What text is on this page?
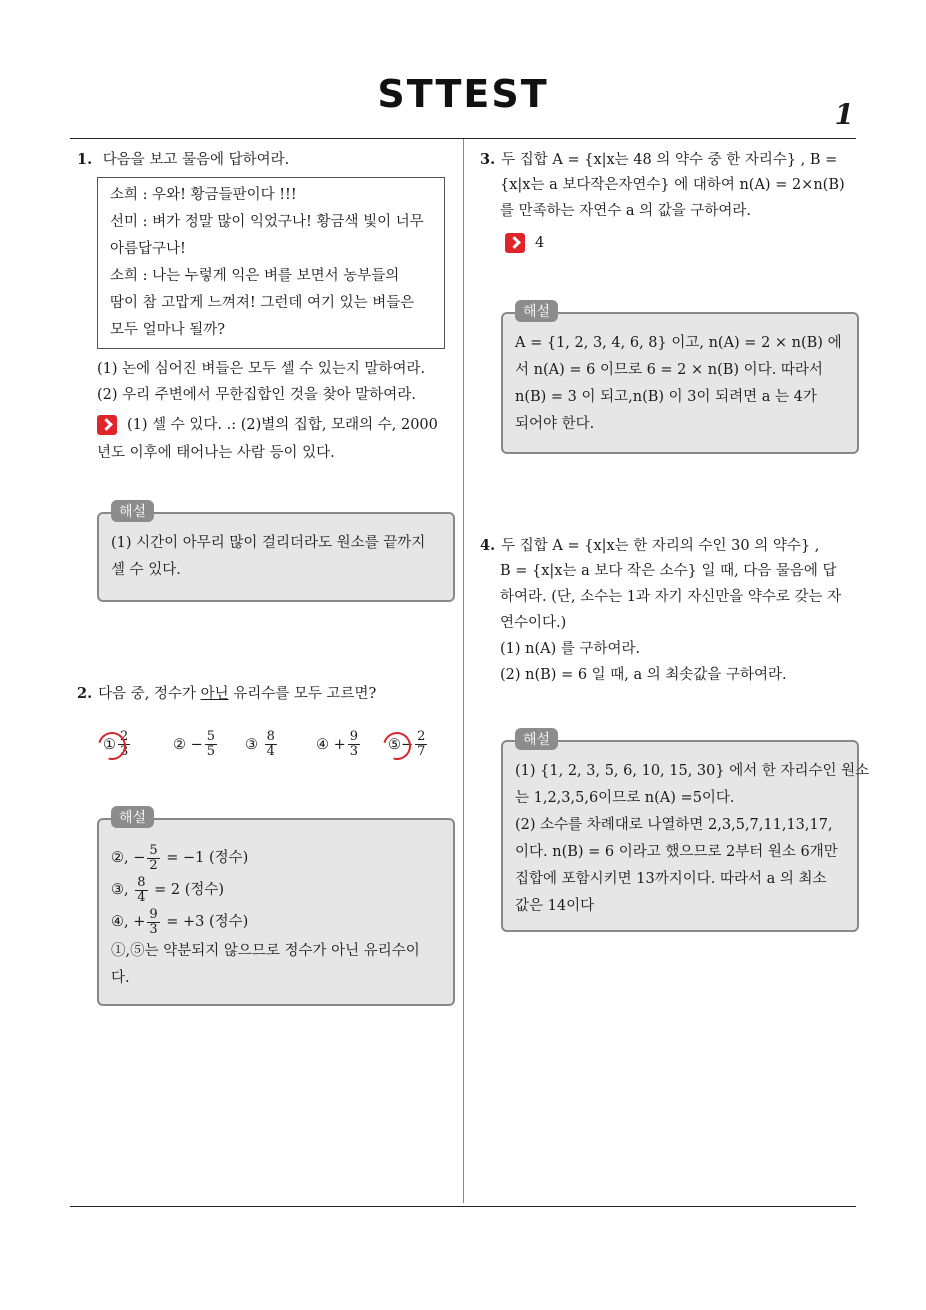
STTEST	1
1. 다음을 보고 물음에 답하여라.
소희 : 우와! 황금들판이다 !!!
선미 : 벼가 정말 많이 익었구나! 황금색 빛이 너무
아름답구나!
소희 : 나는 누렇게 익은 벼를 보면서 농부들의
땀이 참 고맙게 느껴져! 그런데 여기 있는 벼들은
모두 얼마나 될까?
(1) 논에 심어진 벼들은 모두 셀 수 있는지 말하여라.
(2) 우리 주변에서 무한집합인 것을 찾아 말하여라.
(1) 셀 수 있다. .: (2)별의 집합, 모래의 수, 2000
년도 이후에 태어나는 사람 등이 있다.
(1) 시간이 아무리 많이 걸리더라도 원소를 끝까지
셀 수 있다.
해설
2. 다음 중, 정수가 아닌 유리수를 모두 고르면?
① $\frac{2}{3}$	②
− $\frac{5}{5}$ ③
$\frac{8}{4}$	④
+ $\frac{9}{3}$ ⑤ − $\frac{2}{7}$
②, − $\frac{5}{2} = -1$ (정수)
③, $\frac{8}{4} = 2$ (정수)
④, + $\frac{9}{3} = +3$ (정수)
①,⑤는 약분되지 않으므로 정수가 아닌 유리수이
다.
해설
3. 두 집합 A = {x|x는 48 의 약수 중 한 자리수} , B =
{x|x는 a 보다작은자연수} 에 대하여 n(A) = 2×n(B)
를 만족하는 자연수 a 의 값을 구하여라.
4
A = {1, 2, 3, 4, 6, 8} 이고, n(A) = 2 × n(B) 에
서 n(A) = 6 이므로 6 = 2 × n(B) 이다. 따라서
n(B) = 3 이 되고,n(B) 이 3이 되려면 a 는 4가
되어야 한다.
해설
4. 두 집합 A = {x|x는 한 자리의 수인 30 의 약수} ,
B = {x|x는 a 보다 작은 소수} 일 때, 다음 물음에 답
하여라. (단, 소수는 1과 자기 자신만을 약수로 갖는 자
연수이다.)
(1) n(A) 를 구하여라.
(2) n(B) = 6 일 때, a 의 최솟값을 구하여라.
(1) {1, 2, 3, 5, 6, 10, 15, 30} 에서 한 자리수인 원소
는 1,2,3,5,6이므로 n(A) =5이다.
(2) 소수를 차례대로 나열하면 2,3,5,7,11,13,17,
이다. n(B) = 6 이라고 했으므로 2부터 원소 6개만
집합에 포함시키면 13까지이다. 따라서 a 의 최소
값은 14이다
해설
